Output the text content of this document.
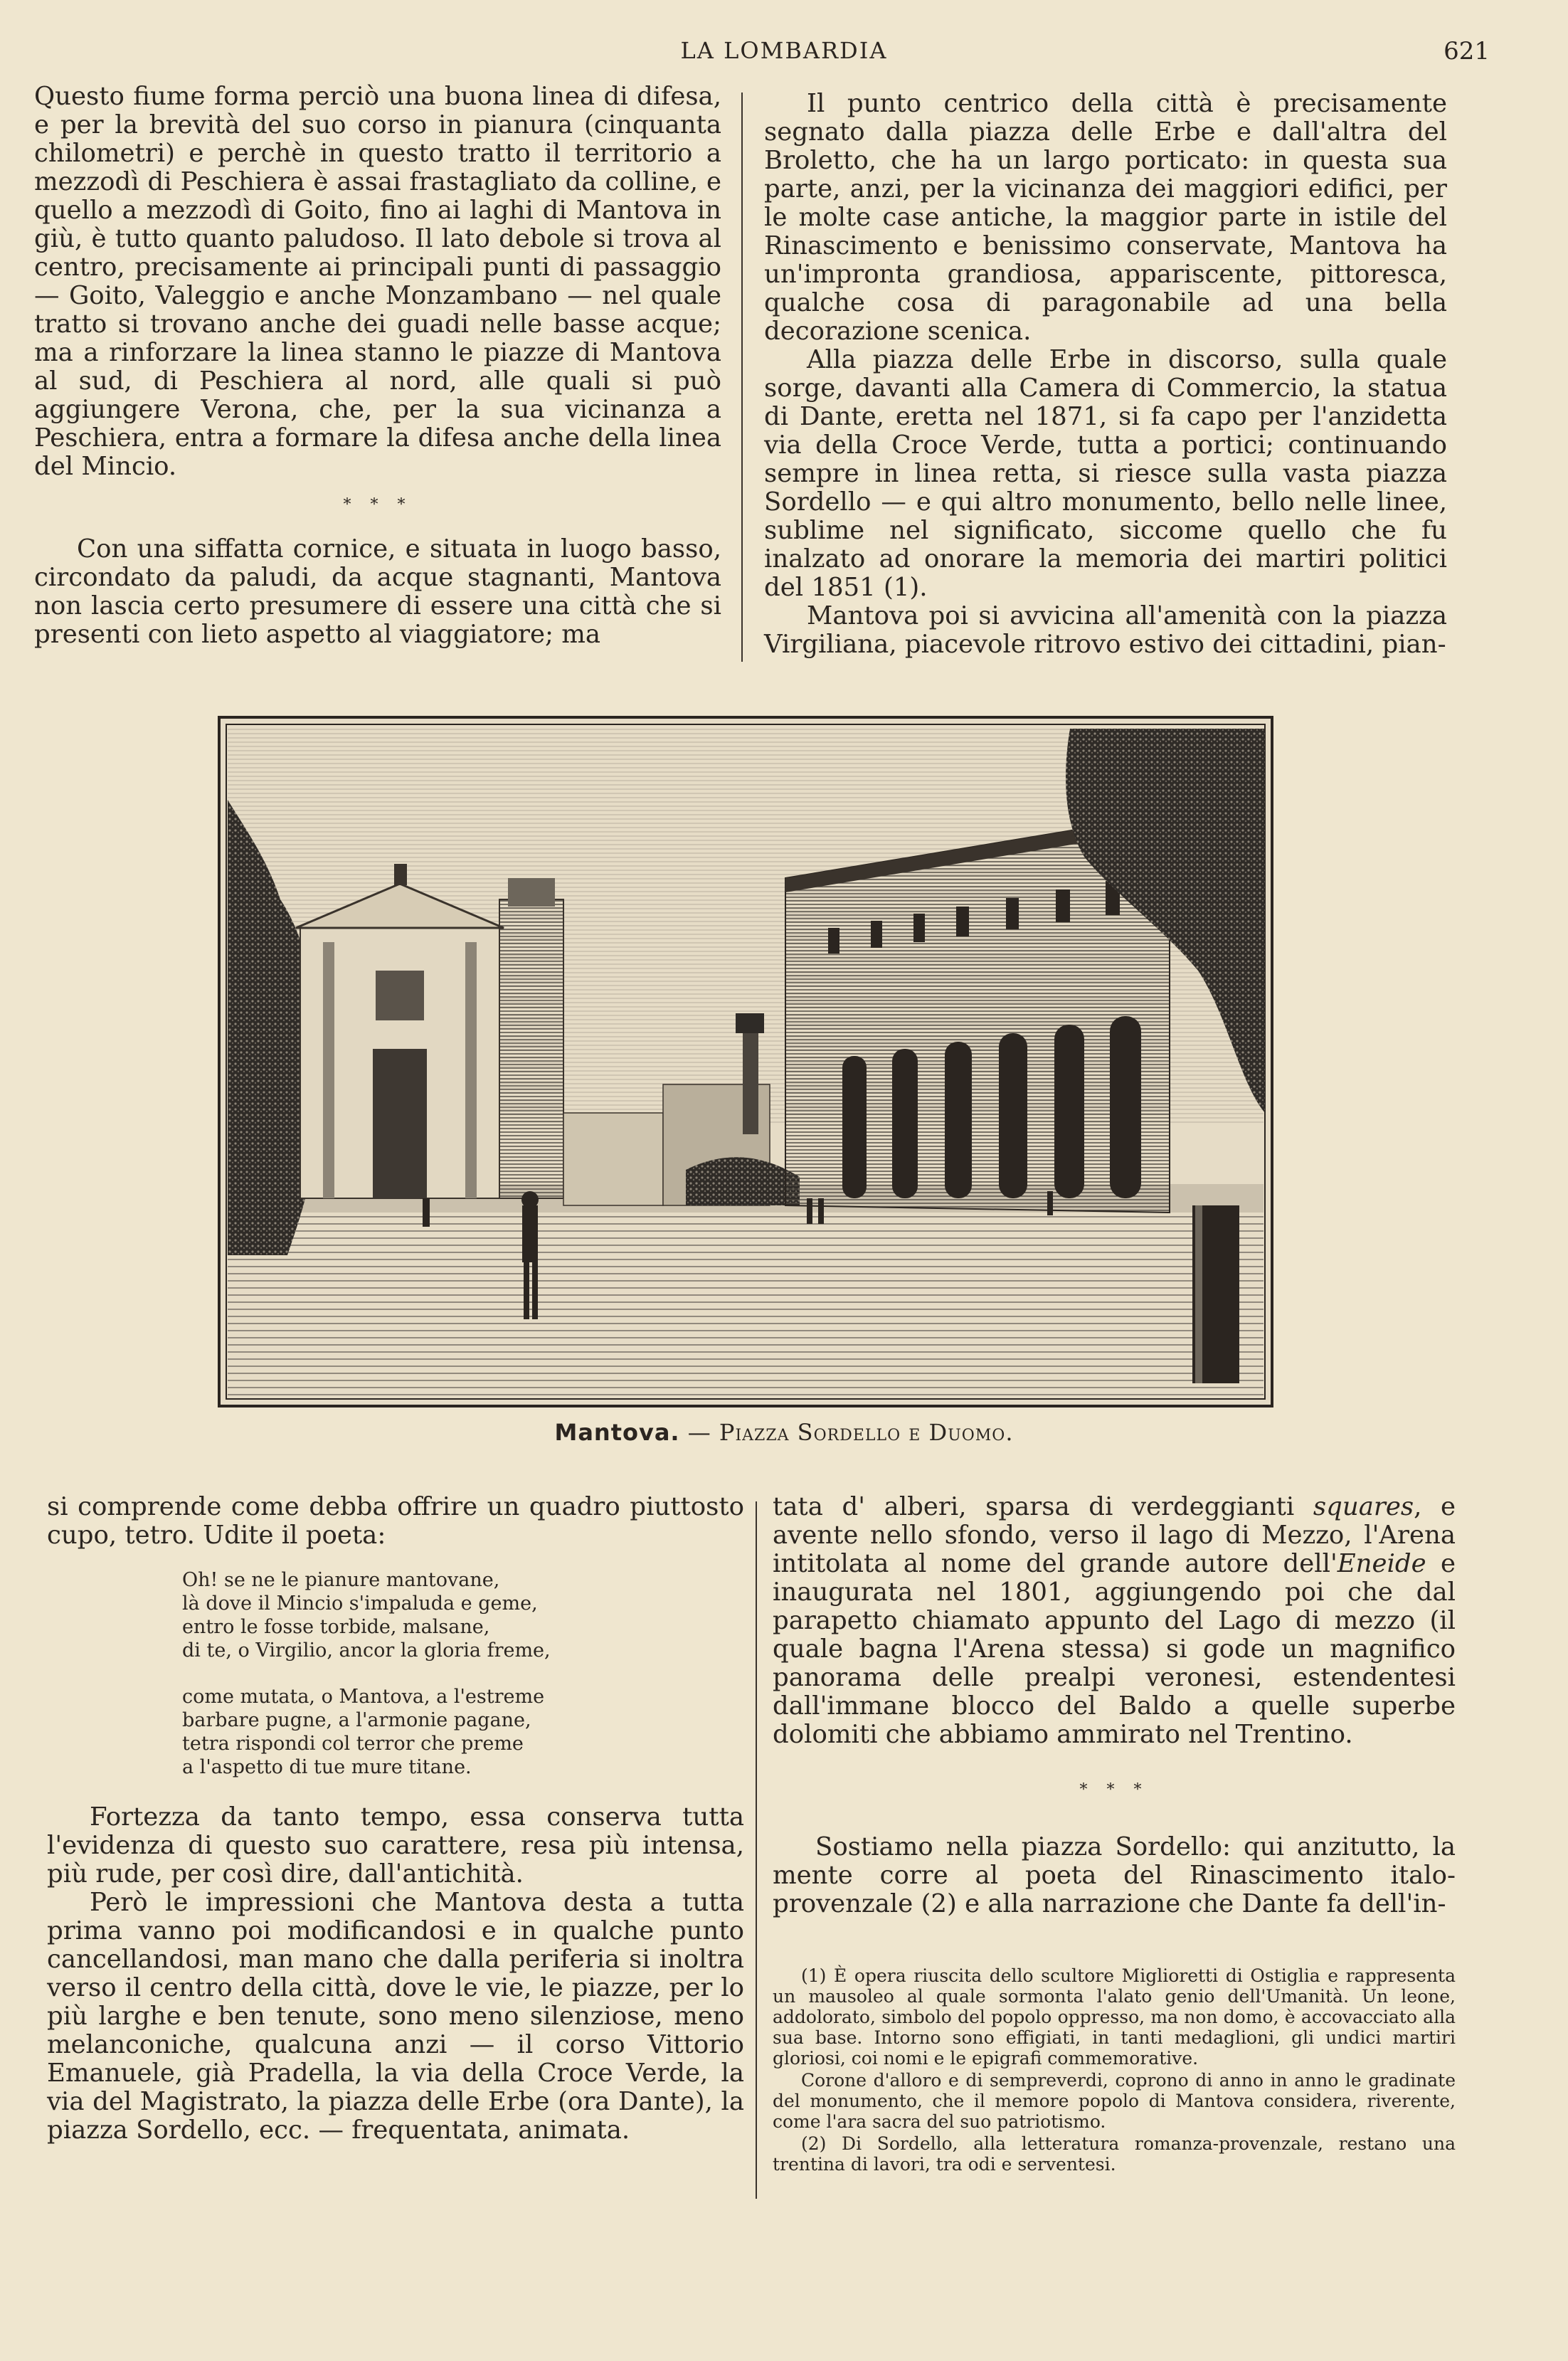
LA LOMBARDIA	621

Questo fiume forma perciò una buona linea di difesa, e per la brevità del suo corso in pianura (cinquanta chilometri) e perchè in questo tratto il territorio a mezzodì di Peschiera è assai frastagliato da colline, e quello a mezzodì di Goito, fino ai laghi di Mantova in giù, è tutto quanto paludoso. Il lato debole si trova al centro, precisamente ai principali punti di passaggio — Goito, Valeggio e anche Monzambano — nel quale tratto si trovano anche dei guadi nelle basse acque; ma a rinforzare la linea stanno le piazze di Mantova al sud, di Peschiera al nord, alle quali si può aggiungere Verona, che, per la sua vicinanza a Peschiera, entra a formare la difesa anche della linea del Mincio.

* * *

Con una siffatta cornice, e situata in luogo basso, circondato da paludi, da acque stagnanti, Mantova non lascia certo presumere di essere una città che si presenti con lieto aspetto al viaggiatore; ma

Il punto centrico della città è precisamente segnato dalla piazza delle Erbe e dall'altra del Broletto, che ha un largo porticato: in questa sua parte, anzi, per la vicinanza dei maggiori edifici, per le molte case antiche, la maggior parte in istile del Rinascimento e benissimo conservate, Mantova ha un'impronta grandiosa, appariscente, pittoresca, qualche cosa di paragonabile ad una bella decorazione scenica.

Alla piazza delle Erbe in discorso, sulla quale sorge, davanti alla Camera di Commercio, la statua di Dante, eretta nel 1871, si fa capo per l'anzidetta via della Croce Verde, tutta a portici; continuando sempre in linea retta, si riesce sulla vasta piazza Sordello — e qui altro monumento, bello nelle linee, sublime nel significato, siccome quello che fu inalzato ad onorare la memoria dei martiri politici del 1851 (1).

Mantova poi si avvicina all'amenità con la piazza Virgiliana, piacevole ritrovo estivo dei cittadini, pian-

Mantova. — Piazza Sordello e Duomo.

si comprende come debba offrire un quadro piuttosto cupo, tetro. Udite il poeta:

Oh! se ne le pianure mantovane,
là dove il Mincio s'impaluda e geme,
entro le fosse torbide, malsane,
di te, o Virgilio, ancor la gloria freme,
come mutata, o Mantova, a l'estreme
barbare pugne, a l'armonie pagane,
tetra rispondi col terror che preme
a l'aspetto di tue mure titane.

Fortezza da tanto tempo, essa conserva tutta l'evidenza di questo suo carattere, resa più intensa, più rude, per così dire, dall'antichità.

Però le impressioni che Mantova desta a tutta prima vanno poi modificandosi e in qualche punto cancellandosi, man mano che dalla periferia si inoltra verso il centro della città, dove le vie, le piazze, per lo più larghe e ben tenute, sono meno silenziose, meno melanconiche, qualcuna anzi — il corso Vittorio Emanuele, già Pradella, la via della Croce Verde, la via del Magistrato, la piazza delle Erbe (ora Dante), la piazza Sordello, ecc. — frequentata, animata.

tata d' alberi, sparsa di verdeggianti squares, e avente nello sfondo, verso il lago di Mezzo, l'Arena intitolata al nome del grande autore dell'Eneide e inaugurata nel 1801, aggiungendo poi che dal parapetto chiamato appunto del Lago di mezzo (il quale bagna l'Arena stessa) si gode un magnifico panorama delle prealpi veronesi, estendentesi dall'immane blocco del Baldo a quelle superbe dolomiti che abbiamo ammirato nel Trentino.

* * *

Sostiamo nella piazza Sordello: qui anzitutto, la mente corre al poeta del Rinascimento italo-provenzale (2) e alla narrazione che Dante fa dell'in-

(1) È opera riuscita dello scultore Miglioretti di Ostiglia e rappresenta un mausoleo al quale sormonta l'alato genio dell'Umanità. Un leone, addolorato, simbolo del popolo oppresso, ma non domo, è accovacciato alla sua base. Intorno sono effigiati, in tanti medaglioni, gli undici martiri gloriosi, coi nomi e le epigrafi commemorative.

Corone d'alloro e di sempreverdi, coprono di anno in anno le gradinate del monumento, che il memore popolo di Mantova considera, riverente, come l'ara sacra del suo patriotismo.

(2) Di Sordello, alla letteratura romanza-provenzale, restano una trentina di lavori, tra odi e serventesi.
